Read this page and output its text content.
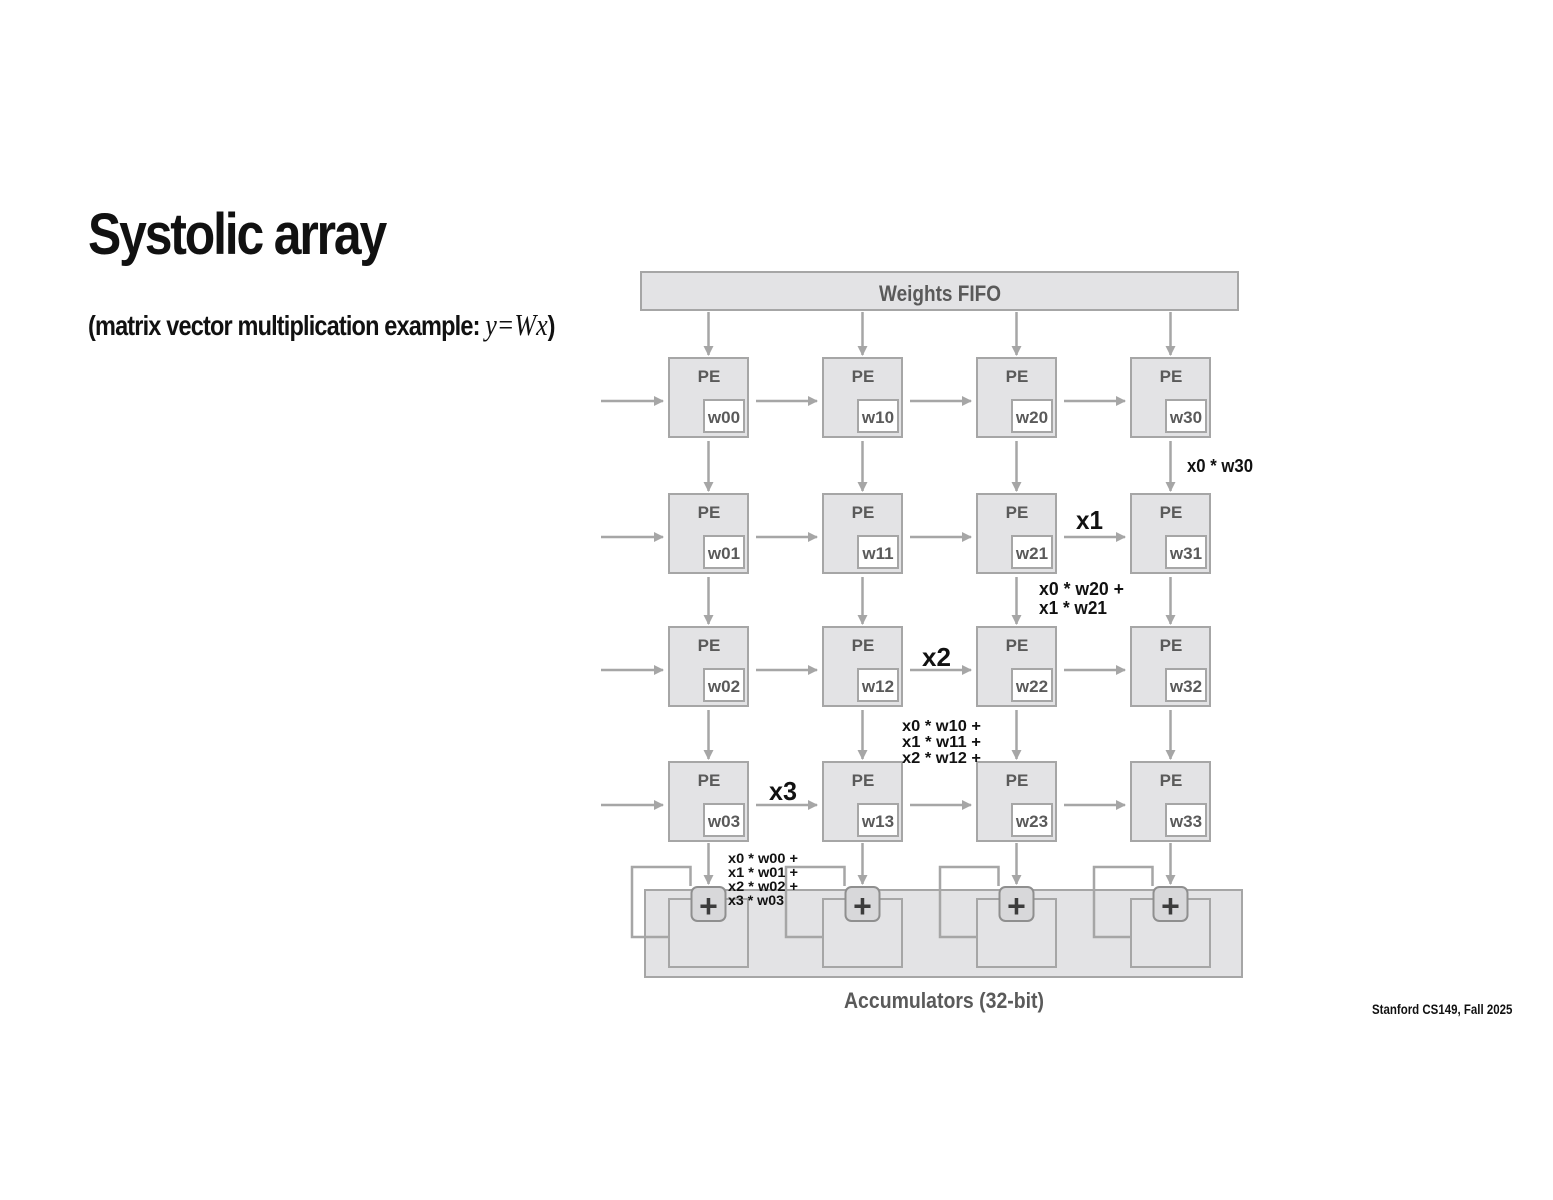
Systolic array
(matrix vector multiplication example: y=Wx)
Weights FIFO
Accumulators (32-bit)
PE
w00
PE
w10
PE
w20
PE
w30
PE
w01
PE
w11
PE
w21
PE
w31
PE
w02
PE
w12
PE
w22
PE
w32
PE
w03
PE
w13
PE
w23
PE
w33
+	+	+	+
x1
x2
x3
x0 * w30
x0 * w20 +
x1 * w21
x0 * w10 +
x1 * w11 +
x2 * w12 +
x0 * w00 +
x1 * w01 +
x2 * w02 +
x3 * w03
Stanford CS149, Fall 2025
